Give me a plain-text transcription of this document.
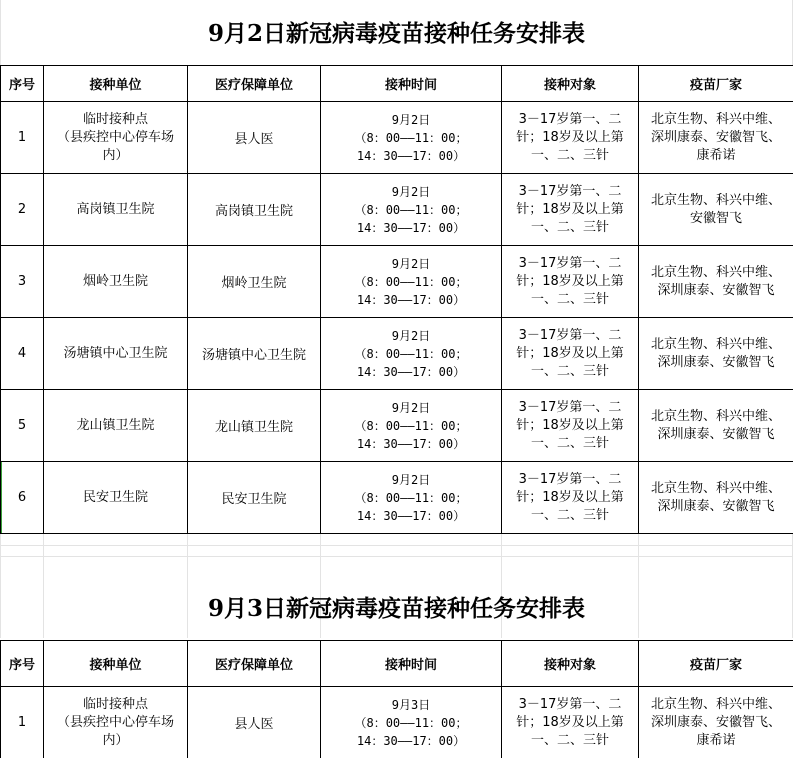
9月2日新冠病毒疫苗接种任务安排表
序号	接种单位	医疗保障单位	接种时间	接种对象	疫苗厂家
1	临时接种点
（县疾控中心停车场
内）	县人医	9月2日
（8：00——11：00；
14：30——17：00）	3－17岁第一、二
针；18岁及以上第
一、二、三针	北京生物、科兴中维、
深圳康泰、安徽智飞、
康希诺

2	高岗镇卫生院	高岗镇卫生院	9月2日
（8：00——11：00；
14：30——17：00）	3－17岁第一、二
针；18岁及以上第
一、二、三针	北京生物、科兴中维、
安徽智飞

3	烟岭卫生院	烟岭卫生院	9月2日
（8：00——11：00；
14：30——17：00）	3－17岁第一、二
针；18岁及以上第
一、二、三针	北京生物、科兴中维、
深圳康泰、安徽智飞

4	汤塘镇中心卫生院	汤塘镇中心卫生院	9月2日
（8：00——11：00；
14：30——17：00）	3－17岁第一、二
针；18岁及以上第
一、二、三针	北京生物、科兴中维、
深圳康泰、安徽智飞

5	龙山镇卫生院	龙山镇卫生院	9月2日
（8：00——11：00；
14：30——17：00）	3－17岁第一、二
针；18岁及以上第
一、二、三针	北京生物、科兴中维、
深圳康泰、安徽智飞

6	民安卫生院	民安卫生院	9月2日
（8：00——11：00；
14：30——17：00）	3－17岁第一、二
针；18岁及以上第
一、二、三针	北京生物、科兴中维、
深圳康泰、安徽智飞
9月3日新冠病毒疫苗接种任务安排表
序号	接种单位	医疗保障单位	接种时间	接种对象	疫苗厂家
1	临时接种点
（县疾控中心停车场
内）	县人医	9月3日
（8：00——11：00；
14：30——17：00）	3－17岁第一、二
针；18岁及以上第
一、二、三针	北京生物、科兴中维、
深圳康泰、安徽智飞、
康希诺
